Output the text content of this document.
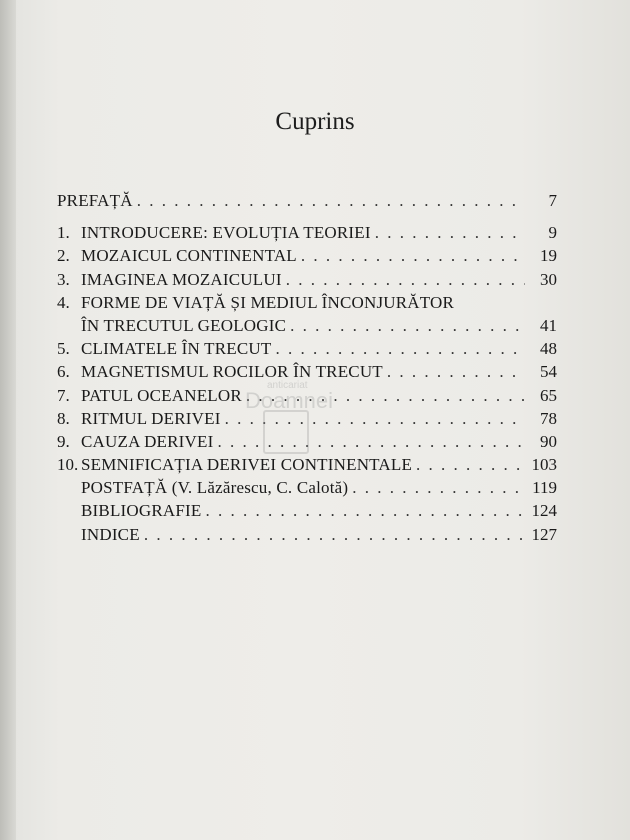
Cuprins
PREFAȚĂ . . .	7
1. INTRODUCERE: EVOLUȚIA TEORIEI . . .	9
2. MOZAICUL CONTINENTAL . . .	19
3. IMAGINEA MOZAICULUI . . .	30
4. FORME DE VIAȚĂ ȘI MEDIUL ÎNCONJURĂTOR
ÎN TRECUTUL GEOLOGIC . . .	41
5. CLIMATELE ÎN TRECUT . . .	48
6. MAGNETISMUL ROCILOR ÎN TRECUT . . .	54
7. PATUL OCEANELOR . . .	65
8. RITMUL DERIVEI . . .	78
9. CAUZA DERIVEI . . .	90
10. SEMNIFICAȚIA DERIVEI CONTINENTALE . . .	103
POSTFAȚĂ (V. Lăzărescu, C. Calotă) . . .	119
BIBLIOGRAFIE . . .	124
INDICE . . .	127
anticariat
Doamnei
